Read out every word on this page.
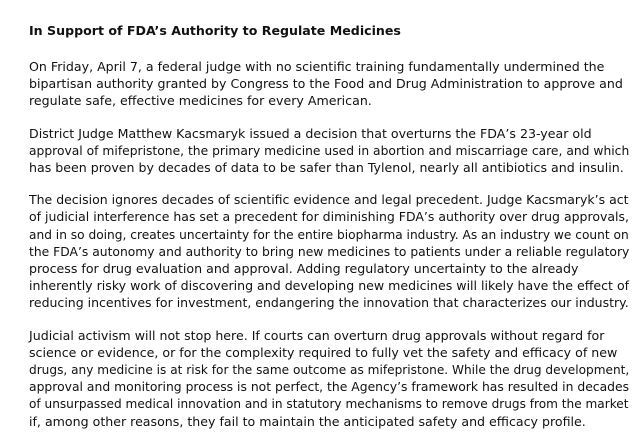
In Support of FDA’s Authority to Regulate Medicines
On Friday, April 7, a federal judge with no scientific training fundamentally undermined the
bipartisan authority granted by Congress to the Food and Drug Administration to approve and
regulate safe, effective medicines for every American.
District Judge Matthew Kacsmaryk issued a decision that overturns the FDA’s 23-year old
approval of mifepristone, the primary medicine used in abortion and miscarriage care, and which
has been proven by decades of data to be safer than Tylenol, nearly all antibiotics and insulin.
The decision ignores decades of scientific evidence and legal precedent. Judge Kacsmaryk’s act
of judicial interference has set a precedent for diminishing FDA’s authority over drug approvals,
and in so doing, creates uncertainty for the entire biopharma industry. As an industry we count on
the FDA’s autonomy and authority to bring new medicines to patients under a reliable regulatory
process for drug evaluation and approval. Adding regulatory uncertainty to the already
inherently risky work of discovering and developing new medicines will likely have the effect of
reducing incentives for investment, endangering the innovation that characterizes our industry.
Judicial activism will not stop here. If courts can overturn drug approvals without regard for
science or evidence, or for the complexity required to fully vet the safety and efficacy of new
drugs, any medicine is at risk for the same outcome as mifepristone. While the drug development,
approval and monitoring process is not perfect, the Agency’s framework has resulted in decades
of unsurpassed medical innovation and in statutory mechanisms to remove drugs from the market
if, among other reasons, they fail to maintain the anticipated safety and efficacy profile.
